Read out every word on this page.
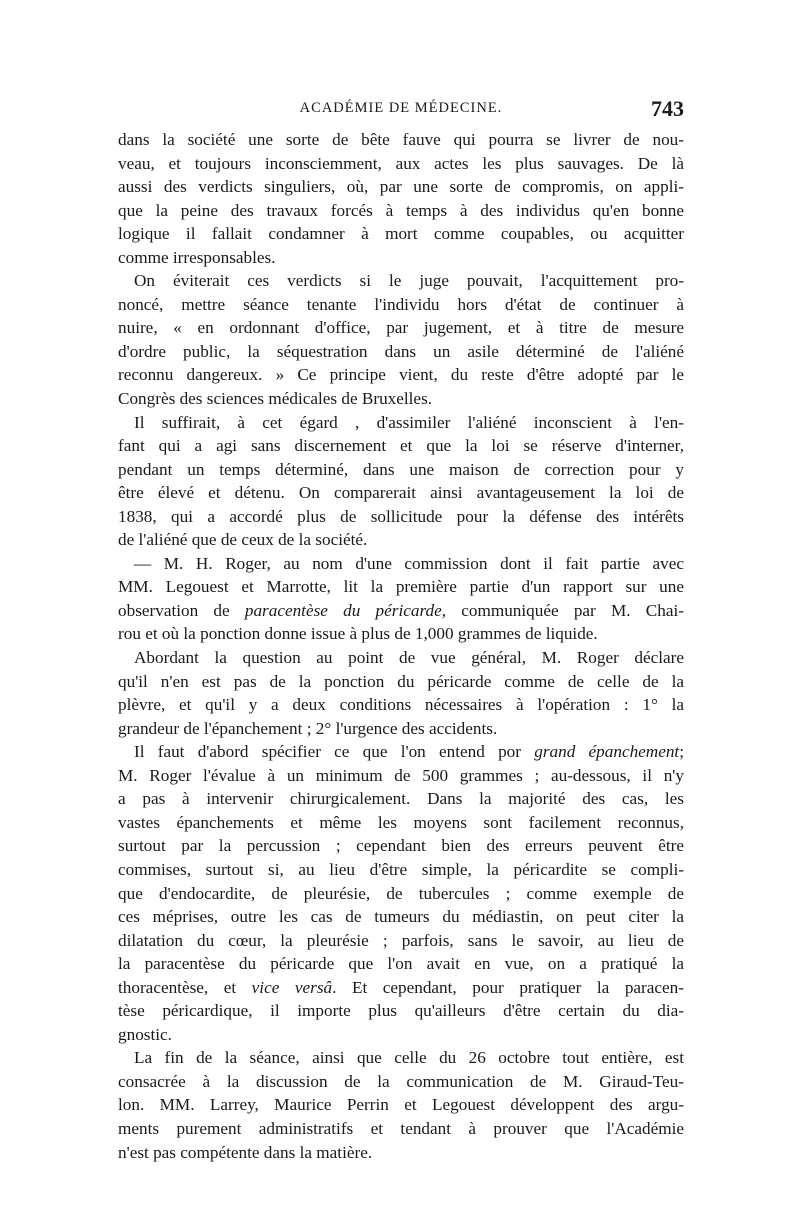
ACADÉMIE DE MÉDECINE.	743
dans la société une sorte de bête fauve qui pourra se livrer de nou-
veau, et toujours inconsciemment, aux actes les plus sauvages. De là
aussi des verdicts singuliers, où, par une sorte de compromis, on appli-
que la peine des travaux forcés à temps à des individus qu'en bonne
logique il fallait condamner à mort comme coupables, ou acquitter
comme irresponsables.
On éviterait ces verdicts si le juge pouvait, l'acquittement pro-
noncé, mettre séance tenante l'individu hors d'état de continuer à
nuire, « en ordonnant d'office, par jugement, et à titre de mesure
d'ordre public, la séquestration dans un asile déterminé de l'aliéné
reconnu dangereux. » Ce principe vient, du reste d'être adopté par le
Congrès des sciences médicales de Bruxelles.
Il suffirait, à cet égard , d'assimiler l'aliéné inconscient à l'en-
fant qui a agi sans discernement et que la loi se réserve d'interner,
pendant un temps déterminé, dans une maison de correction pour y
être élevé et détenu. On comparerait ainsi avantageusement la loi de
1838, qui a accordé plus de sollicitude pour la défense des intérêts
de l'aliéné que de ceux de la société.
— M. H. Roger, au nom d'une commission dont il fait partie avec
MM. Legouest et Marrotte, lit la première partie d'un rapport sur une
observation de paracentèse du péricarde, communiquée par M. Chai-
rou et où la ponction donne issue à plus de 1,000 grammes de liquide.
Abordant la question au point de vue général, M. Roger déclare
qu'il n'en est pas de la ponction du péricarde comme de celle de la
plèvre, et qu'il y a deux conditions nécessaires à l'opération : 1° la
grandeur de l'épanchement ; 2° l'urgence des accidents.
Il faut d'abord spécifier ce que l'on entend por grand épanchement;
M. Roger l'évalue à un minimum de 500 grammes ; au-dessous, il n'y
a pas à intervenir chirurgicalement. Dans la majorité des cas, les
vastes épanchements et même les moyens sont facilement reconnus,
surtout par la percussion ; cependant bien des erreurs peuvent être
commises, surtout si, au lieu d'être simple, la péricardite se compli-
que d'endocardite, de pleurésie, de tubercules ; comme exemple de
ces méprises, outre les cas de tumeurs du médiastin, on peut citer la
dilatation du cœur, la pleurésie ; parfois, sans le savoir, au lieu de
la paracentèse du péricarde que l'on avait en vue, on a pratiqué la
thoracentèse, et vice versâ. Et cependant, pour pratiquer la paracen-
tèse péricardique, il importe plus qu'ailleurs d'être certain du dia-
gnostic.
La fin de la séance, ainsi que celle du 26 octobre tout entière, est
consacrée à la discussion de la communication de M. Giraud-Teu-
lon. MM. Larrey, Maurice Perrin et Legouest développent des argu-
ments purement administratifs et tendant à prouver que l'Académie
n'est pas compétente dans la matière.
